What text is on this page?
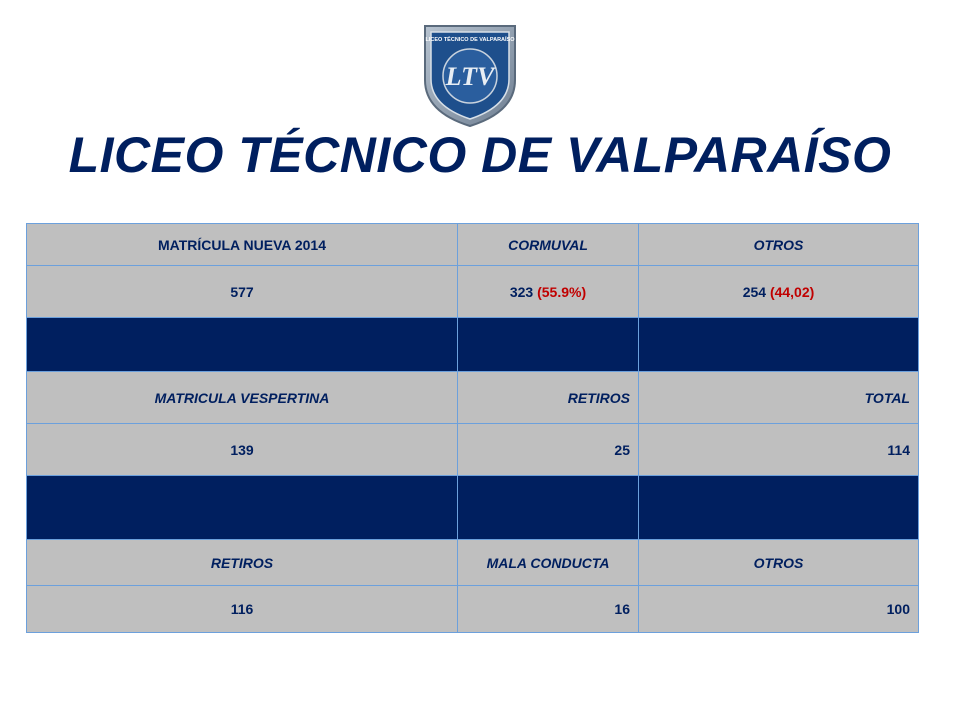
LICEO TÉCNICO DE VALPARAÍSO
LTV
LICEO TÉCNICO DE VALPARAÍSO
MATRÍCULA NUEVA 2014	CORMUVAL	OTROS
577	323 (55.9%)	254 (44,02)

MATRICULA VESPERTINA	RETIROS	TOTAL
139	25	114

RETIROS	MALA CONDUCTA	OTROS
116	16	100
